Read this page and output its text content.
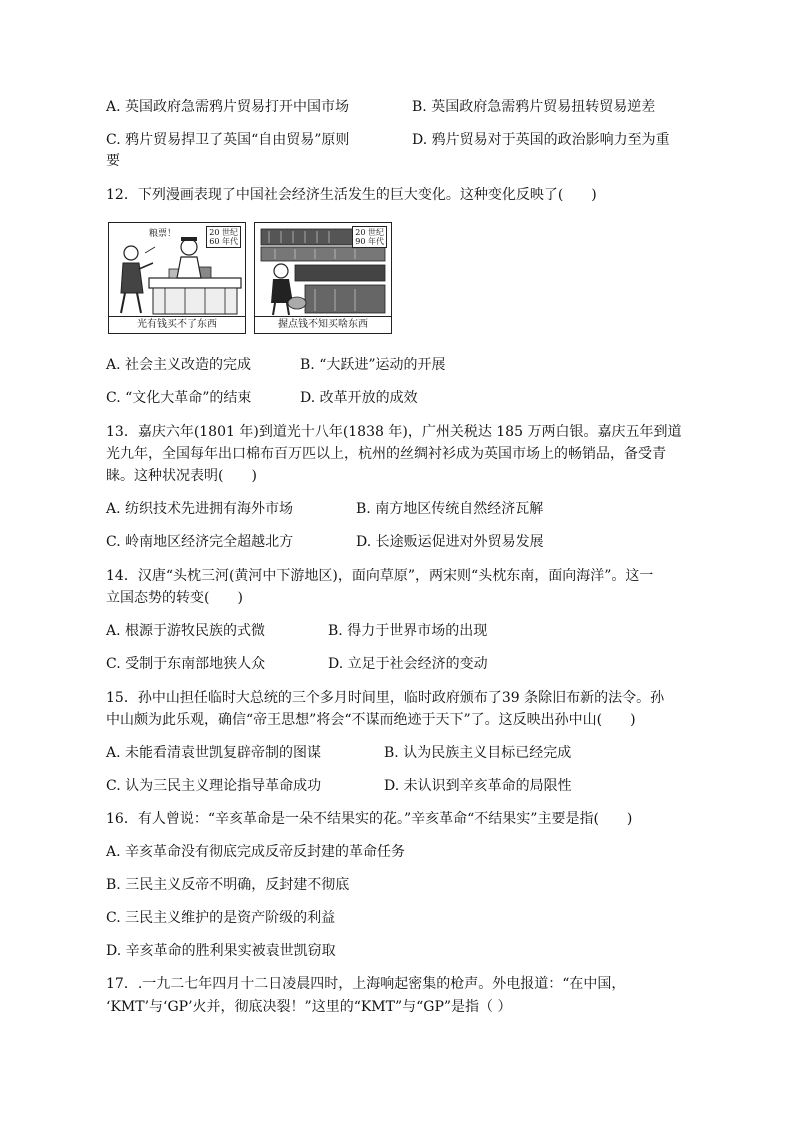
A. 英国政府急需鸦片贸易打开中国市场	B. 英国政府急需鸦片贸易扭转贸易逆差
C. 鸦片贸易捍卫了英国“自由贸易”原则	D. 鸦片贸易对于英国的政治影响力至为重
要
12．下列漫画表现了中国社会经济生活发生的巨大变化。这种变化反映了(　　)
粮票！	20 世纪
60 年代
光有钱买不了东西
20 世纪
90 年代
握点钱不知买啥东西
A. 社会主义改造的完成	B. “大跃进”运动的开展
C. “文化大革命”的结束	D. 改革开放的成效
13．嘉庆六年(1801 年)到道光十八年(1838 年)，广州关税达 185 万两白银。嘉庆五年到道
光九年，全国每年出口棉布百万匹以上，杭州的丝绸衬衫成为英国市场上的畅销品，备受青
睐。这种状况表明(　　)
A. 纺织技术先进拥有海外市场	B. 南方地区传统自然经济瓦解
C. 岭南地区经济完全超越北方	D. 长途贩运促进对外贸易发展
14．汉唐“头枕三河(黄河中下游地区)，面向草原”，两宋则“头枕东南，面向海洋”。这一
立国态势的转变(　　)
A. 根源于游牧民族的式微	B. 得力于世界市场的出现
C. 受制于东南部地狭人众	D. 立足于社会经济的变动
15．孙中山担任临时大总统的三个多月时间里，临时政府颁布了39 条除旧布新的法令。孙
中山颇为此乐观，确信“帝王思想”将会“不谋而绝迹于天下”了。这反映出孙中山(　　)
A. 未能看清袁世凯复辟帝制的图谋	B. 认为民族主义目标已经完成
C. 认为三民主义理论指导革命成功	D. 未认识到辛亥革命的局限性
16．有人曾说：“辛亥革命是一朵不结果实的花。”辛亥革命“不结果实”主要是指(　　)
A. 辛亥革命没有彻底完成反帝反封建的革命任务
B. 三民主义反帝不明确，反封建不彻底
C. 三民主义维护的是资产阶级的利益
D. 辛亥革命的胜利果实被袁世凯窃取
17．.一九二七年四月十二日凌晨四时，上海响起密集的枪声。外电报道：“在中国，
‘KMT’与‘GP’火并，彻底决裂！”这里的“KMT”与“GP”是指（ ）
